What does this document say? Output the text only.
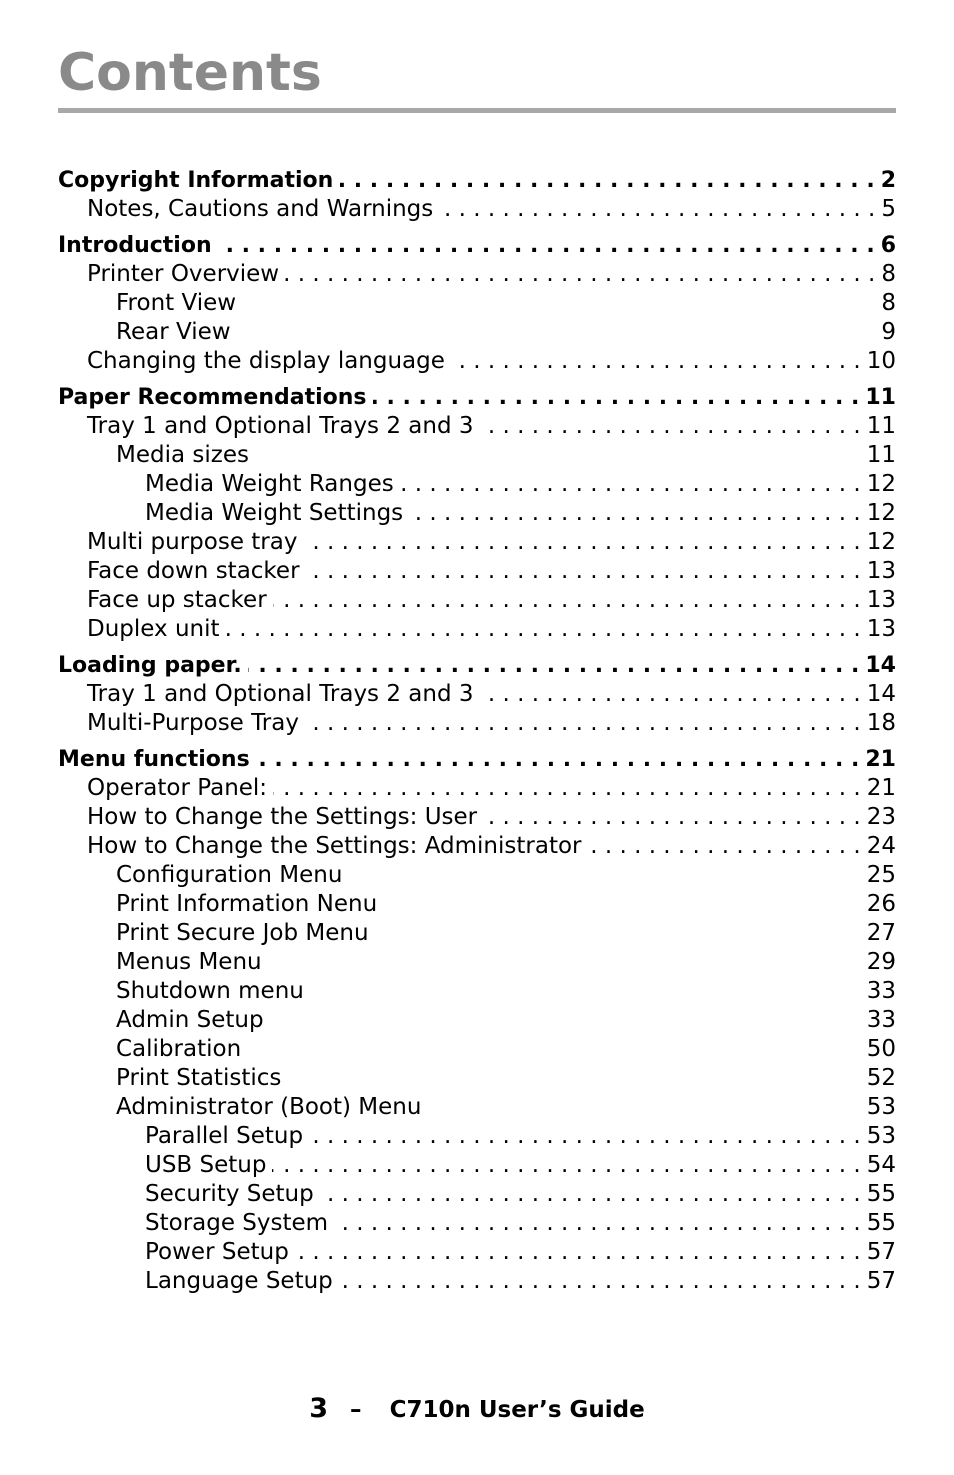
Contents
Copyright Information . . .	2
Notes, Cautions and Warnings . . .	5
Introduction . . .	6
Printer Overview . . .	8
Front View	8
Rear View	9
Changing the display language . . .	10
Paper Recommendations . . .	11
Tray 1 and Optional Trays 2 and 3 . . .	11
Media sizes	11
Media Weight Ranges . . .	12
Media Weight Settings . . .	12
Multi purpose tray . . .	12
Face down stacker . . .	13
Face up stacker . . .	13
Duplex unit . . .	13
Loading paper. . . .	14
Tray 1 and Optional Trays 2 and 3 . . .	14
Multi-Purpose Tray . . .	18
Menu functions . . .	21
Operator Panel: . . .	21
How to Change the Settings: User . . .	23
How to Change the Settings: Administrator . . .	24
Configuration Menu	25
Print Information Nenu	26
Print Secure Job Menu	27
Menus Menu	29
Shutdown menu	33
Admin Setup	33
Calibration	50
Print Statistics	52
Administrator (Boot) Menu	53
Parallel Setup . . .	53
USB Setup . . .	54
Security Setup . . .	55
Storage System . . .	55
Power Setup . . .	57
Language Setup . . .	57
3 – C710n User’s Guide
